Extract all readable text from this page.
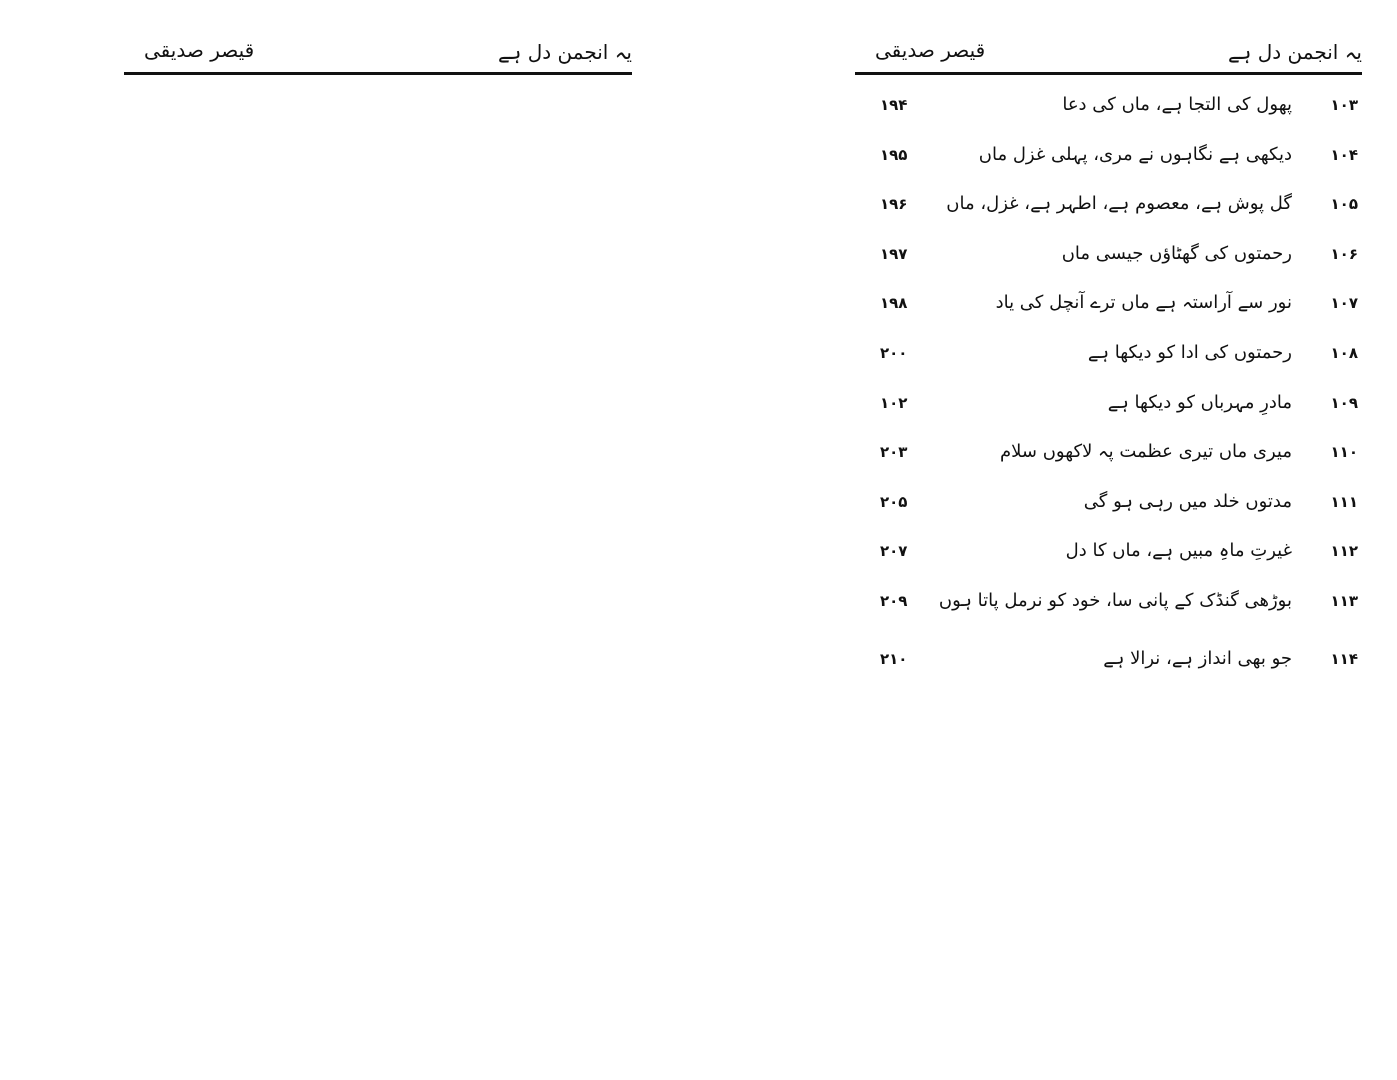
یہ انجمن دل ہے
قیصر صدیقی	یہ انجمن دل ہے
قیصر صدیقی
۱۰۳
پھول کی التجا ہے، ماں کی دعا
۱۹۴
۱۰۴
دیکھی ہے نگاہوں نے مری، پہلی غزل ماں
۱۹۵
۱۰۵
گل پوش ہے، معصوم ہے، اطہر ہے، غزل، ماں
۱۹۶
۱۰۶
رحمتوں کی گھٹاؤں جیسی ماں
۱۹۷
۱۰۷
نور سے آراستہ ہے ماں ترے آنچل کی یاد
۱۹۸
۱۰۸
رحمتوں کی ادا کو دیکھا ہے
۲۰۰
۱۰۹
مادرِ مہرباں کو دیکھا ہے
۱۰۲
۱۱۰
میری ماں تیری عظمت پہ لاکھوں سلام
۲۰۳
۱۱۱
مدتوں خلد میں رہی ہو گی
۲۰۵
۱۱۲
غیرتِ ماہِ مبیں ہے، ماں کا دل
۲۰۷
۱۱۳
بوڑھی گنڈک کے پانی سا، خود کو نرمل پاتا ہوں
۲۰۹
۱۱۴
جو بھی انداز ہے، نرالا ہے
۲۱۰
